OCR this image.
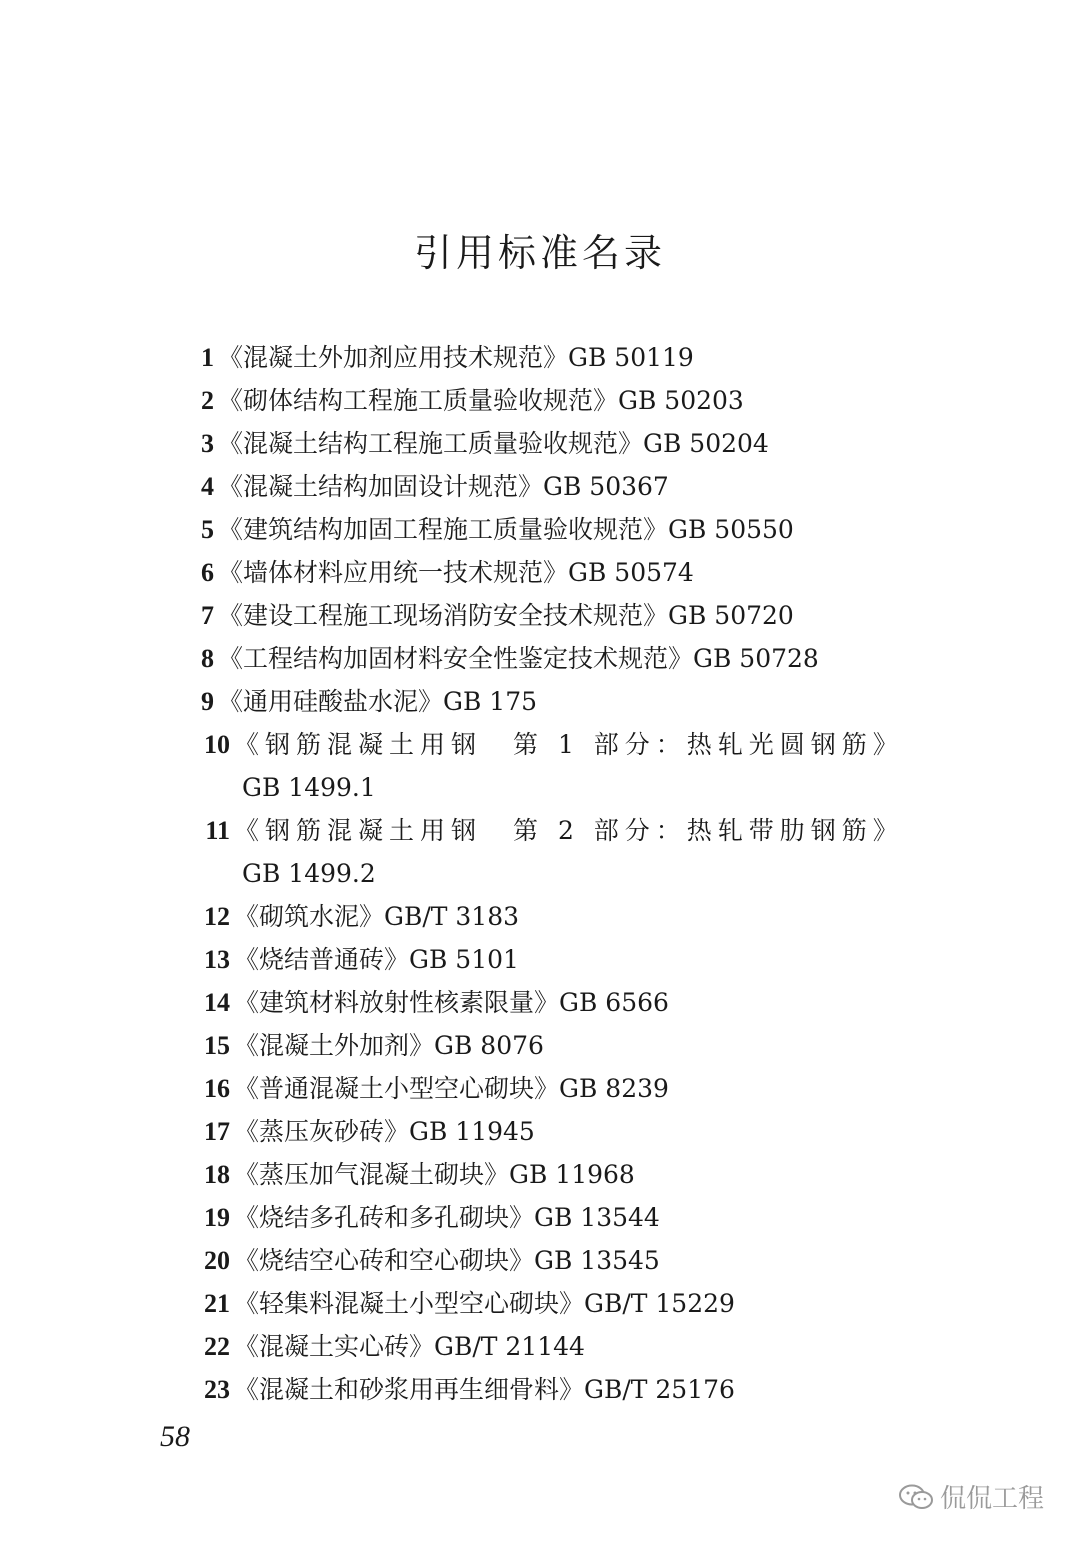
引用标准名录
1 《混凝土外加剂应用技术规范》GB 50119
2 《砌体结构工程施工质量验收规范》GB 50203
3 《混凝土结构工程施工质量验收规范》GB 50204
4 《混凝土结构加固设计规范》GB 50367
5 《建筑结构加固工程施工质量验收规范》GB 50550
6 《墙体材料应用统一技术规范》GB 50574
7 《建设工程施工现场消防安全技术规范》GB 50720
8 《工程结构加固材料安全性鉴定技术规范》GB 50728
9 《通用硅酸盐水泥》GB 175
10 《钢筋混凝土用钢　第 1 部分：热轧光圆钢筋》
GB 1499.1
11 《钢筋混凝土用钢　第 2 部分：热轧带肋钢筋》
GB 1499.2
12 《砌筑水泥》GB/T 3183
13 《烧结普通砖》GB 5101
14 《建筑材料放射性核素限量》GB 6566
15 《混凝土外加剂》GB 8076
16 《普通混凝土小型空心砌块》GB 8239
17 《蒸压灰砂砖》GB 11945
18 《蒸压加气混凝土砌块》GB 11968
19 《烧结多孔砖和多孔砌块》GB 13544
20 《烧结空心砖和空心砌块》GB 13545
21 《轻集料混凝土小型空心砌块》GB/T 15229
22 《混凝土实心砖》GB/T 21144
23 《混凝土和砂浆用再生细骨料》GB/T 25176
58
侃侃工程
